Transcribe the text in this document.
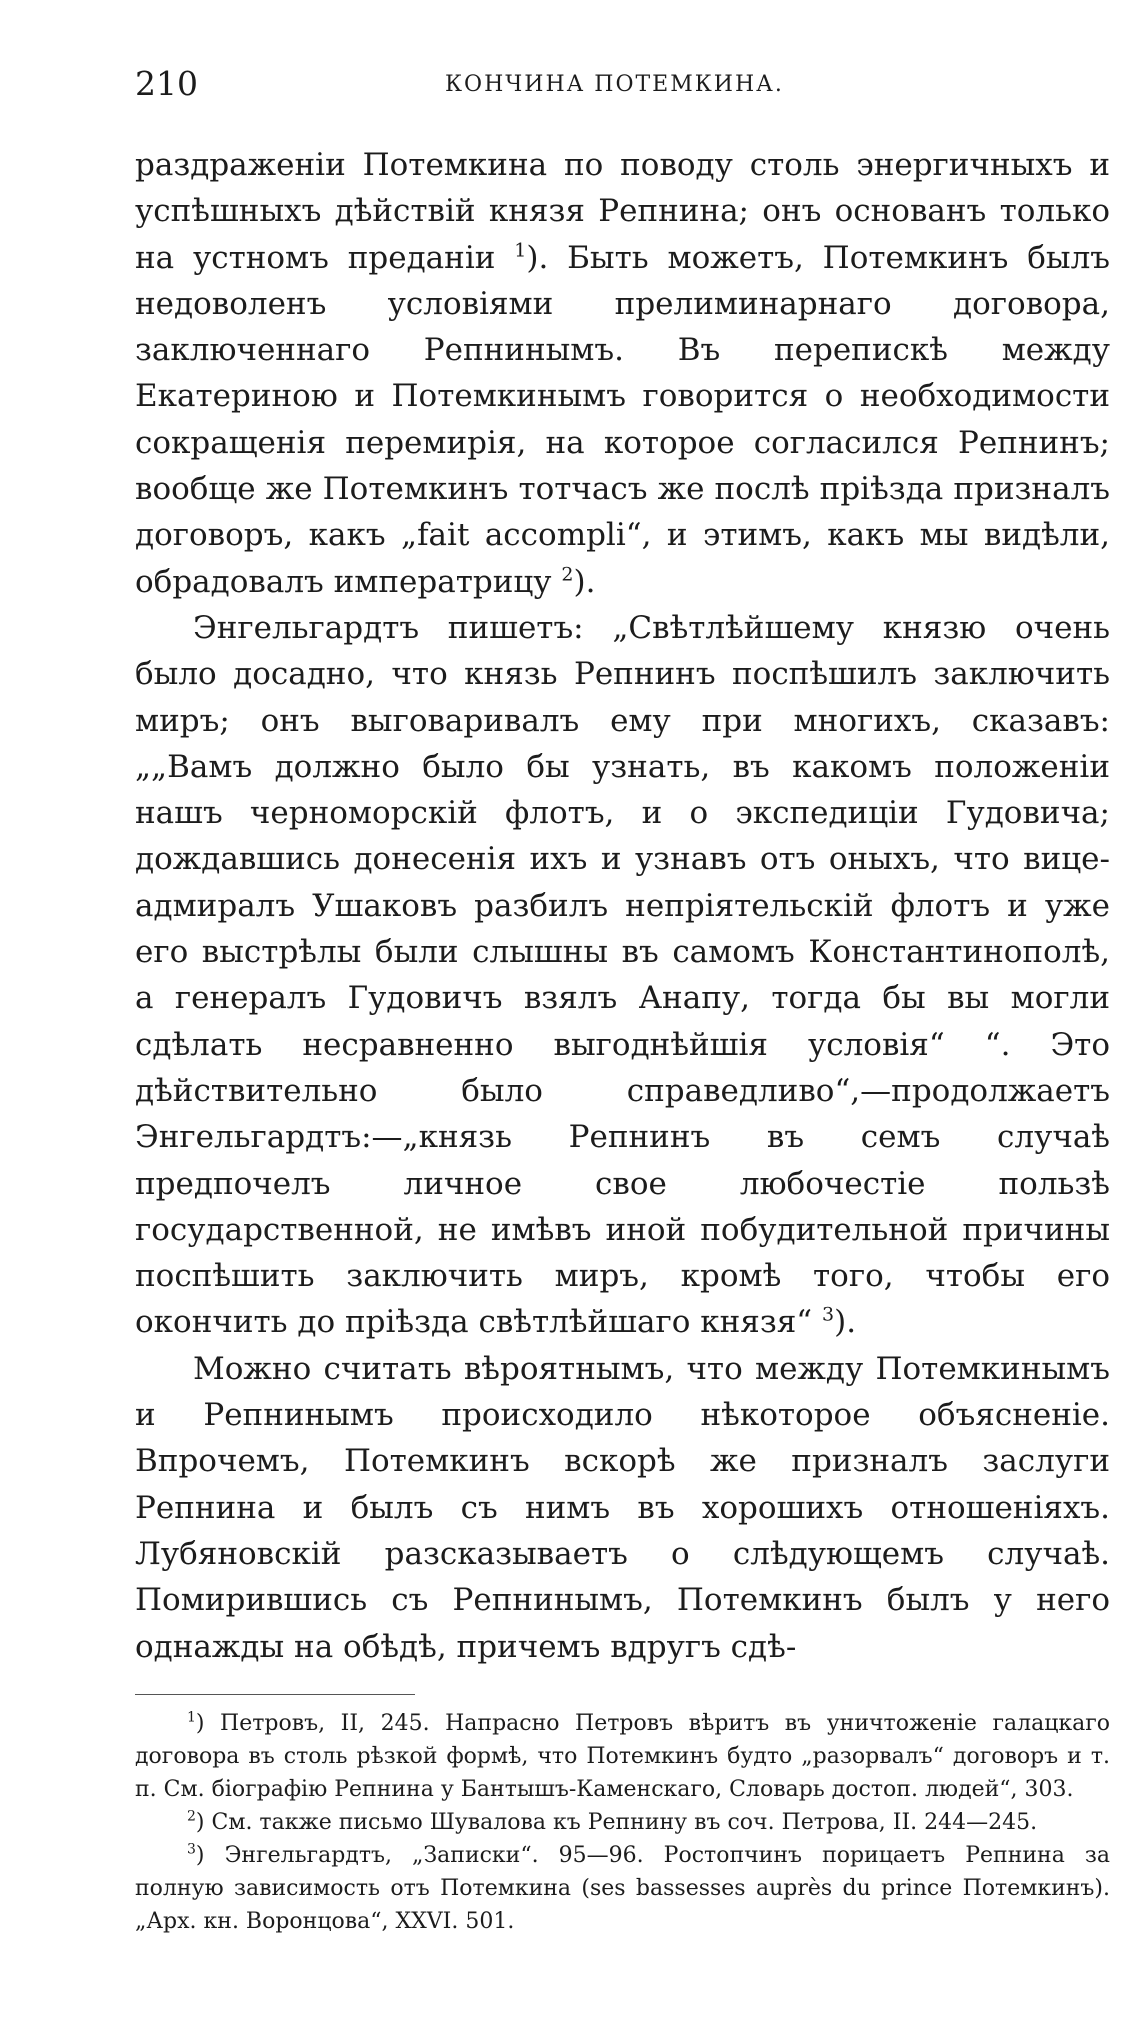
210	КОНЧИНА ПОТЕМКИНА.

раздраженіи Потемкина по поводу столь энергичныхъ и успѣшныхъ дѣйствій князя Репнина; онъ основанъ только на устномъ преданіи $^1$). Быть можетъ, Потемкинъ былъ недоволенъ условіями прелиминарнаго договора, заключеннаго Репнинымъ. Въ перепискѣ между Екатериною и Потемкинымъ говорится о необходимости сокращенія перемирія, на которое согласился Репнинъ; вообще же Потемкинъ тотчасъ же послѣ пріѣзда призналъ договоръ, какъ „fait accompli“, и этимъ, какъ мы видѣли, обрадовалъ императрицу $^2$).

Энгельгардтъ пишетъ: „Свѣтлѣйшему князю очень было досадно, что князь Репнинъ поспѣшилъ заключить миръ; онъ выговаривалъ ему при многихъ, сказавъ: „„Вамъ должно было бы узнать, въ какомъ положеніи нашъ черноморскій флотъ, и о экспедиціи Гудовича; дождавшись донесенія ихъ и узнавъ отъ оныхъ, что вице-адмиралъ Ушаковъ разбилъ непріятельскій флотъ и уже его выстрѣлы были слышны въ самомъ Константинополѣ, а генералъ Гудовичъ взялъ Анапу, тогда бы вы могли сдѣлать несравненно выгоднѣйшія условія“ “. Это дѣйствительно было справедливо“,—продолжаетъ Энгельгардтъ:—„князь Репнинъ въ семъ случаѣ предпочелъ личное свое любочестіе пользѣ государственной, не имѣвъ иной побудительной причины поспѣшить заключить миръ, кромѣ того, чтобы его окончить до пріѣзда свѣтлѣйшаго князя“ $^3$).

Можно считать вѣроятнымъ, что между Потемкинымъ и Репнинымъ происходило нѣкоторое объясненіе. Впрочемъ, Потемкинъ вскорѣ же призналъ заслуги Репнина и былъ съ нимъ въ хорошихъ отношеніяхъ. Лубяновскій разсказываетъ о слѣдующемъ случаѣ. Помирившись съ Репнинымъ, Потемкинъ былъ у него однажды на обѣдѣ, причемъ вдругъ сдѣ-

$^1$) Петровъ, II, 245. Напрасно Петровъ вѣритъ въ уничтоженіе галацкаго договора въ столь рѣзкой формѣ, что Потемкинъ будто „разорвалъ“ договоръ и т. п. См. біографію Репнина у Бантышъ-Каменскаго, Словарь достоп. людей“, 303.

$^2$) См. также письмо Шувалова къ Репнину въ соч. Петрова, II. 244—245.

$^3$) Энгельгардтъ, „Записки“. 95—96. Ростопчинъ порицаетъ Репнина за полную зависимость отъ Потемкина (ses bassesses auprès du prince Потемкинъ). „Арх. кн. Воронцова“, XXVI. 501.
